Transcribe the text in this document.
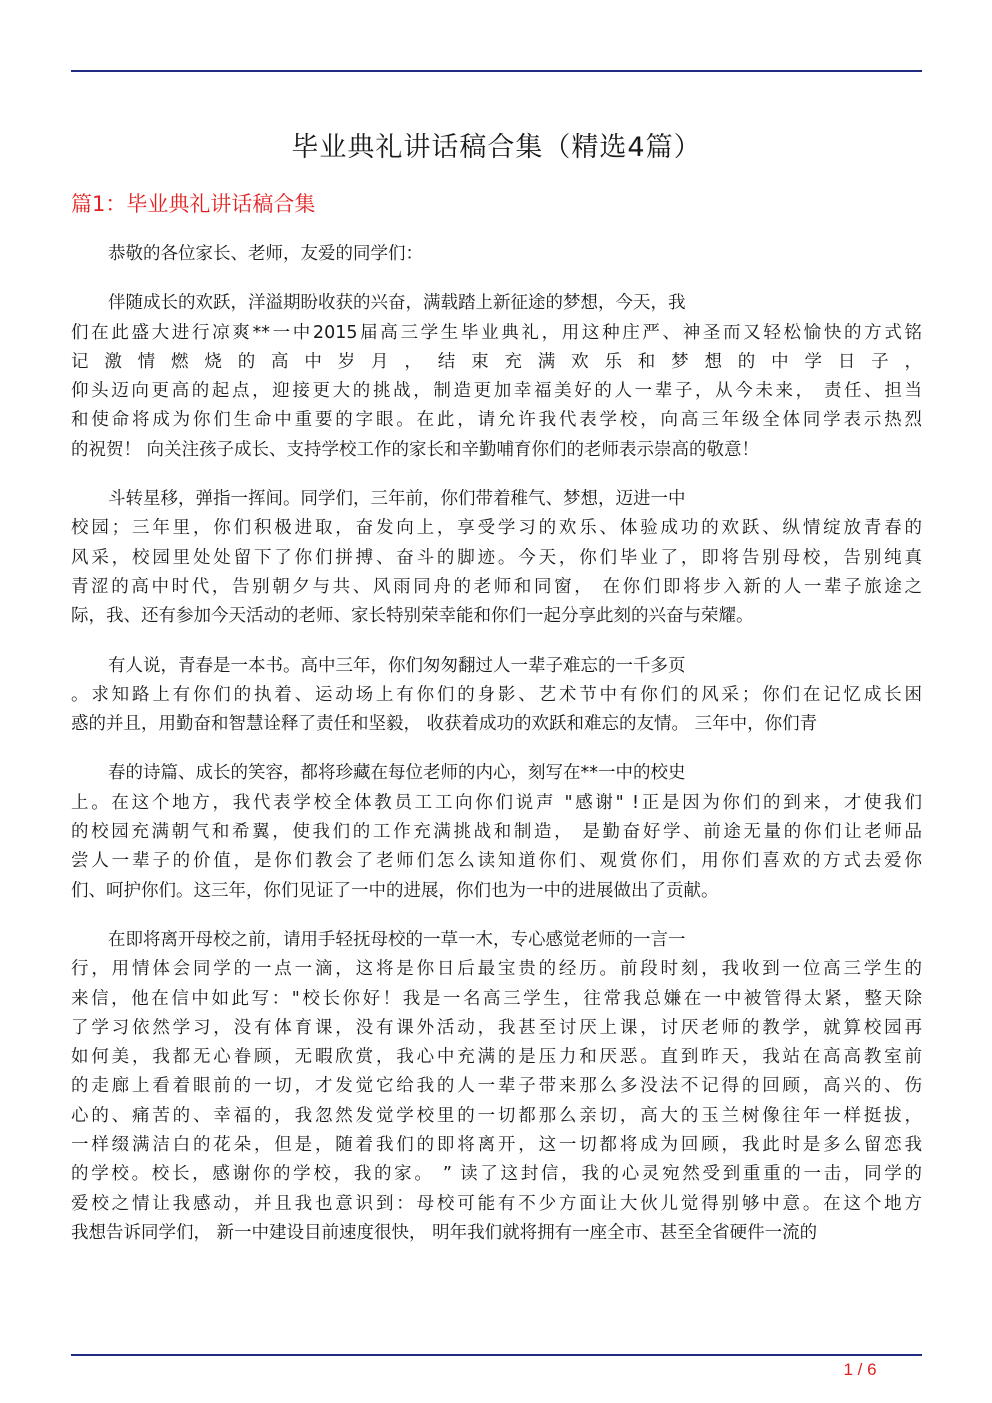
毕业典礼讲话稿合集（精选4篇）
篇1：毕业典礼讲话稿合集
恭敬的各位家长、老师，友爱的同学们：
伴随成长的欢跃，洋溢期盼收获的兴奋，满载踏上新征途的梦想，今天，我
们在此盛大进行凉爽**一中2015届高三学生毕业典礼，用这种庄严、神圣而又轻松愉快的方式铭
记激情燃烧的高中岁月，结束充满欢乐和梦想的中学日子，
仰头迈向更高的起点，迎接更大的挑战，制造更加幸福美好的人一辈子，从今未来， 责任、担当
和使命将成为你们生命中重要的字眼。在此，请允许我代表学校，向高三年级全体同学表示热烈
的祝贺！ 向关注孩子成长、支持学校工作的家长和辛勤哺育你们的老师表示崇高的敬意！
斗转星移，弹指一挥间。同学们，三年前，你们带着稚气、梦想，迈进一中
校园；三年里，你们积极进取，奋发向上，享受学习的欢乐、体验成功的欢跃、纵情绽放青春的
风采，校园里处处留下了你们拼搏、奋斗的脚迹。今天，你们毕业了，即将告别母校，告别纯真
青涩的高中时代，告别朝夕与共、风雨同舟的老师和同窗， 在你们即将步入新的人一辈子旅途之
际，我、还有参加今天活动的老师、家长特别荣幸能和你们一起分享此刻的兴奋与荣耀。
有人说，青春是一本书。高中三年，你们匆匆翻过人一辈子难忘的一千多页
。求知路上有你们的执着、运动场上有你们的身影、艺术节中有你们的风采；你们在记忆成长困
惑的并且，用勤奋和智慧诠释了责任和坚毅， 收获着成功的欢跃和难忘的友情。 三年中，你们青
春的诗篇、成长的笑容，都将珍藏在每位老师的内心，刻写在**一中的校史
上。在这个地方，我代表学校全体教员工工向你们说声 "感谢" !正是因为你们的到来，才使我们
的校园充满朝气和希翼，使我们的工作充满挑战和制造， 是勤奋好学、前途无量的你们让老师品
尝人一辈子的价值，是你们教会了老师们怎么读知道你们、观赏你们，用你们喜欢的方式去爱你
们、呵护你们。这三年，你们见证了一中的进展，你们也为一中的进展做出了贡献。
在即将离开母校之前，请用手轻抚母校的一草一木，专心感觉老师的一言一
行，用情体会同学的一点一滴，这将是你日后最宝贵的经历。前段时刻，我收到一位高三学生的
来信，他在信中如此写："校长你好！我是一名高三学生，往常我总嫌在一中被管得太紧，整天除
了学习依然学习，没有体育课，没有课外活动，我甚至讨厌上课，讨厌老师的教学，就算校园再
如何美，我都无心眷顾，无暇欣赏，我心中充满的是压力和厌恶。直到昨天，我站在高高教室前
的走廊上看着眼前的一切，才发觉它给我的人一辈子带来那么多没法不记得的回顾，高兴的、伤
心的、痛苦的、幸福的，我忽然发觉学校里的一切都那么亲切，高大的玉兰树像往年一样挺拔，
一样缀满洁白的花朵，但是，随着我们的即将离开，这一切都将成为回顾，我此时是多么留恋我
的学校。校长，感谢你的学校，我的家。 ” 读了这封信，我的心灵宛然受到重重的一击，同学的
爱校之情让我感动，并且我也意识到：母校可能有不少方面让大伙儿觉得别够中意。在这个地方
我想告诉同学们， 新一中建设目前速度很快， 明年我们就将拥有一座全市、甚至全省硬件一流的
1 / 6
